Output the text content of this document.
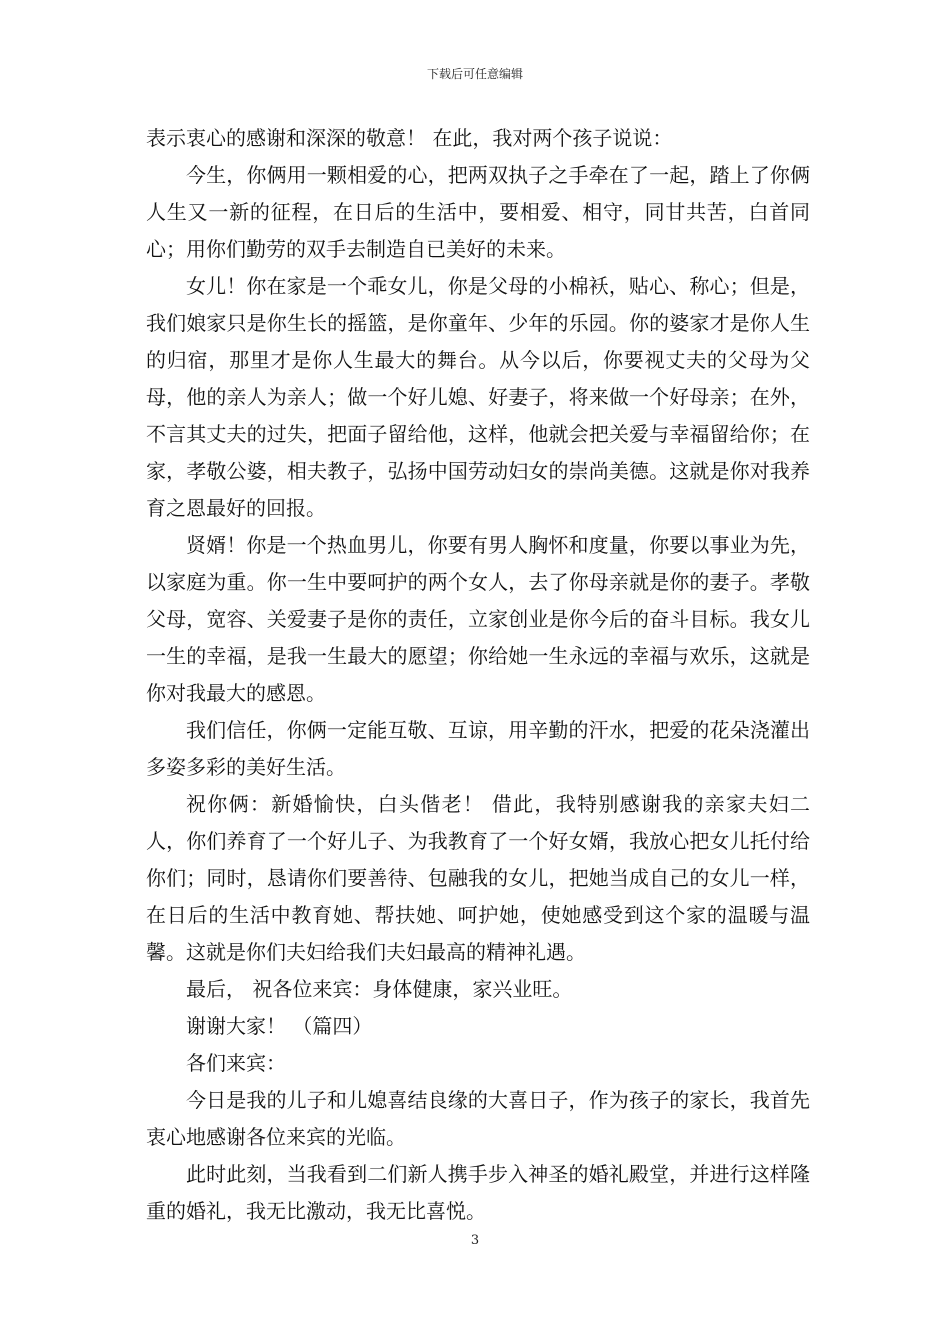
下载后可任意编辑

表示衷心的感谢和深深的敬意！ 在此，我对两个孩子说说：

今生，你俩用一颗相爱的心，把两双执子之手牵在了一起，踏上了你俩人生又一新的征程，在日后的生活中，要相爱、相守，同甘共苦，白首同心；用你们勤劳的双手去制造自已美好的未来。

女儿！你在家是一个乖女儿，你是父母的小棉袄，贴心、称心；但是，我们娘家只是你生长的摇篮，是你童年、少年的乐园。你的婆家才是你人生的归宿，那里才是你人生最大的舞台。从今以后，你要视丈夫的父母为父母，他的亲人为亲人；做一个好儿媳、好妻子，将来做一个好母亲；在外，不言其丈夫的过失，把面子留给他，这样，他就会把关爱与幸福留给你；在家，孝敬公婆，相夫教子，弘扬中国劳动妇女的崇尚美德。这就是你对我养育之恩最好的回报。

贤婿！你是一个热血男儿，你要有男人胸怀和度量，你要以事业为先，以家庭为重。你一生中要呵护的两个女人，去了你母亲就是你的妻子。孝敬父母，宽容、关爱妻子是你的责任，立家创业是你今后的奋斗目标。我女儿一生的幸福，是我一生最大的愿望；你给她一生永远的幸福与欢乐，这就是你对我最大的感恩。

我们信任，你俩一定能互敬、互谅，用辛勤的汗水，把爱的花朵浇灌出多姿多彩的美好生活。

祝你俩：新婚愉快，白头偕老！ 借此，我特别感谢我的亲家夫妇二人，你们养育了一个好儿子、为我教育了一个好女婿，我放心把女儿托付给你们；同时，恳请你们要善待、包融我的女儿，把她当成自己的女儿一样，在日后的生活中教育她、帮扶她、呵护她，使她感受到这个家的温暖与温馨。这就是你们夫妇给我们夫妇最高的精神礼遇。

最后， 祝各位来宾：身体健康，家兴业旺。

谢谢大家！ （篇四）

各们来宾：

今日是我的儿子和儿媳喜结良缘的大喜日子，作为孩子的家长，我首先衷心地感谢各位来宾的光临。

此时此刻，当我看到二们新人携手步入神圣的婚礼殿堂，并进行这样隆重的婚礼，我无比激动，我无比喜悦。

3
